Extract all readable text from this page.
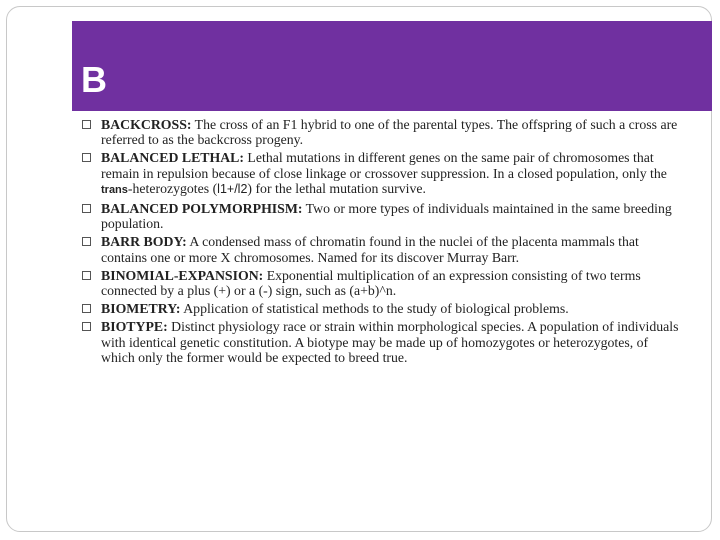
B
BACKCROSS: The cross of an F1 hybrid to one of the parental types. The offspring of such a cross are referred to as the backcross progeny.
BALANCED LETHAL: Lethal mutations in different genes on the same pair of chromosomes that remain in repulsion because of close linkage or crossover suppression. In a closed population, only the trans-heterozygotes (l1+/l2) for the lethal mutation survive.
BALANCED POLYMORPHISM: Two or more types of individuals maintained in the same breeding population.
BARR BODY: A condensed mass of chromatin found in the nuclei of the placenta mammals that contains one or more X chromosomes. Named for its discover Murray Barr.
BINOMIAL-EXPANSION: Exponential multiplication of an expression consisting of two terms connected by a plus (+) or a (-) sign, such as (a+b)^n.
BIOMETRY: Application of statistical methods to the study of biological problems.
BIOTYPE: Distinct physiology race or strain within morphological species. A population of individuals with identical genetic constitution. A biotype may be made up of homozygotes or heterozygotes, of which only the former would be expected to breed true.
